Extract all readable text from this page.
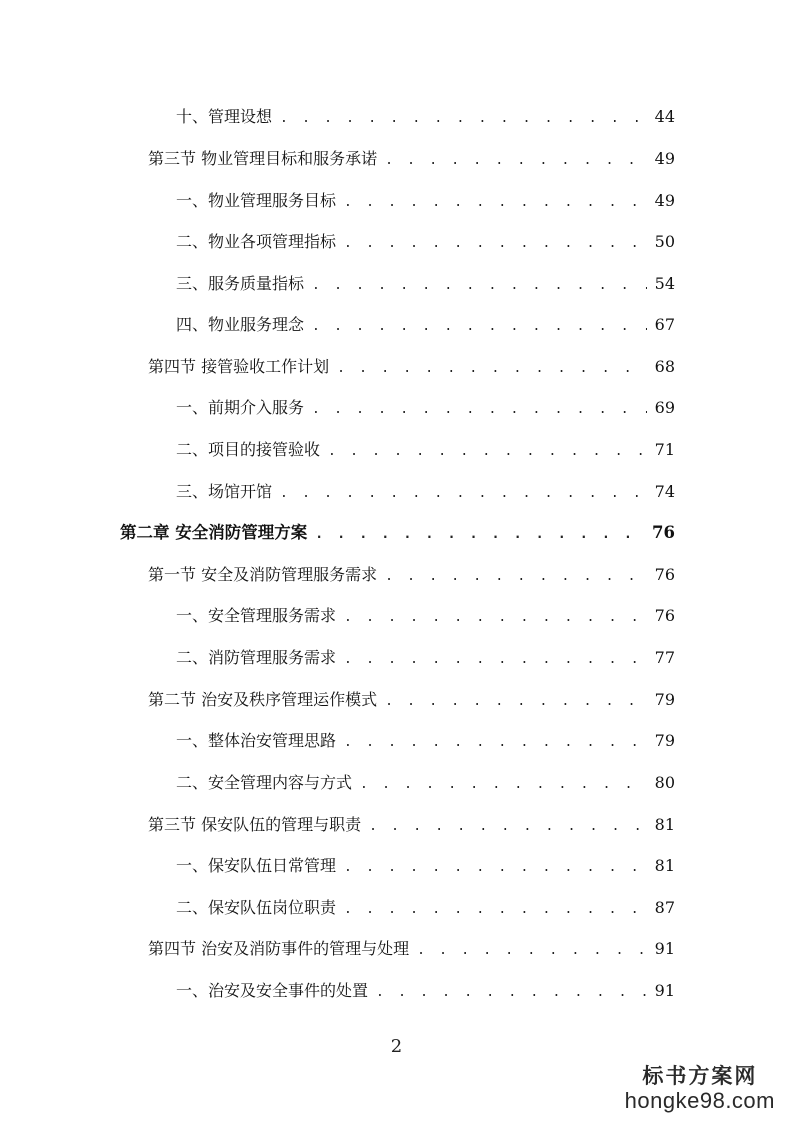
十、管理设想 . . .	44
第三节 物业管理目标和服务承诺 . . .	49
一、物业管理服务目标 . . .	49
二、物业各项管理指标 . . .	50
三、服务质量指标 . . .	54
四、物业服务理念 . . .	67
第四节 接管验收工作计划 . . .	68
一、前期介入服务 . . .	69
二、项目的接管验收 . . .	71
三、场馆开馆 . . .	74
第二章 安全消防管理方案 . . .	76
第一节 安全及消防管理服务需求 . . .	76
一、安全管理服务需求 . . .	76
二、消防管理服务需求 . . .	77
第二节 治安及秩序管理运作模式 . . .	79
一、整体治安管理思路 . . .	79
二、安全管理内容与方式 . . .	80
第三节 保安队伍的管理与职责 . . .	81
一、保安队伍日常管理 . . .	81
二、保安队伍岗位职责 . . .	87
第四节 治安及消防事件的管理与处理 . . .	91
一、治安及安全事件的处置 . . .	91
2
标书方案网
hongke98.com
